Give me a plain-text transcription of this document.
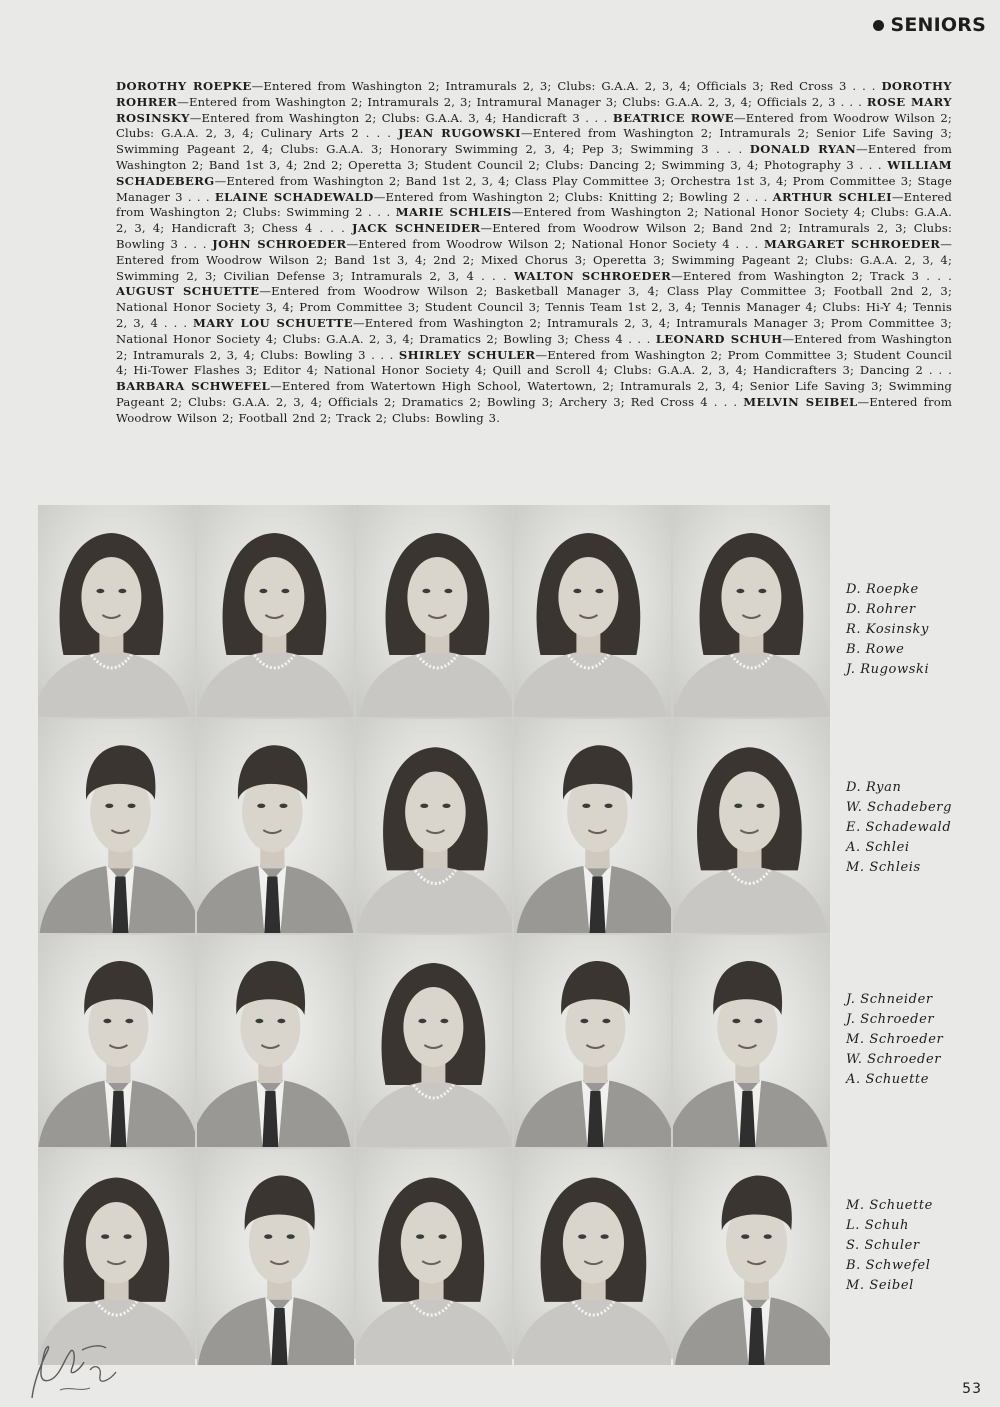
SENIORS
DOROTHY ROEPKE—Entered from Washington 2; Intramurals 2, 3; Clubs: G.A.A. 2, 3, 4; Officials 3; Red Cross 3 . . . DOROTHY ROHRER—Entered from Washington 2; Intramurals 2, 3; Intramural Manager 3; Clubs: G.A.A. 2, 3, 4; Officials 2, 3 . . . ROSE MARY ROSINSKY—Entered from Washington 2; Clubs: G.A.A. 3, 4; Handicraft 3 . . . BEATRICE ROWE—Entered from Woodrow Wilson 2; Clubs: G.A.A. 2, 3, 4; Culinary Arts 2 . . . JEAN RUGOWSKI—Entered from Washington 2; Intramurals 2; Senior Life Saving 3; Swimming Pageant 2, 4; Clubs: G.A.A. 3; Honorary Swimming 2, 3, 4; Pep 3; Swimming 3 . . . DONALD RYAN—Entered from Washington 2; Band 1st 3, 4; 2nd 2; Operetta 3; Student Council 2; Clubs: Dancing 2; Swimming 3, 4; Photography 3 . . . WILLIAM SCHADEBERG—Entered from Washington 2; Band 1st 2, 3, 4; Class Play Committee 3; Orchestra 1st 3, 4; Prom Committee 3; Stage Manager 3 . . . ELAINE SCHADEWALD—Entered from Washington 2; Clubs: Knitting 2; Bowling 2 . . . ARTHUR SCHLEI—Entered from Washington 2; Clubs: Swimming 2 . . . MARIE SCHLEIS—Entered from Washington 2; National Honor Society 4; Clubs: G.A.A. 2, 3, 4; Handicraft 3; Chess 4 . . . JACK SCHNEIDER—Entered from Woodrow Wilson 2; Band 2nd 2; Intramurals 2, 3; Clubs: Bowling 3 . . . JOHN SCHROEDER—Entered from Woodrow Wilson 2; National Honor Society 4 . . . MARGARET SCHROEDER—Entered from Woodrow Wilson 2; Band 1st 3, 4; 2nd 2; Mixed Chorus 3; Operetta 3; Swimming Pageant 2; Clubs: G.A.A. 2, 3, 4; Swimming 2, 3; Civilian Defense 3; Intramurals 2, 3, 4 . . . WALTON SCHROEDER—Entered from Washington 2; Track 3 . . . AUGUST SCHUETTE—Entered from Woodrow Wilson 2; Basketball Manager 3, 4; Class Play Committee 3; Football 2nd 2, 3; National Honor Society 3, 4; Prom Committee 3; Student Council 3; Tennis Team 1st 2, 3, 4; Tennis Manager 4; Clubs: Hi-Y 4; Tennis 2, 3, 4 . . . MARY LOU SCHUETTE—Entered from Washington 2; Intramurals 2, 3, 4; Intramurals Manager 3; Prom Committee 3; National Honor Society 4; Clubs: G.A.A. 2, 3, 4; Dramatics 2; Bowling 3; Chess 4 . . . LEONARD SCHUH—Entered from Washington 2; Intramurals 2, 3, 4; Clubs: Bowling 3 . . . SHIRLEY SCHULER—Entered from Washington 2; Prom Committee 3; Student Council 4; Hi-Tower Flashes 3; Editor 4; National Honor Society 4; Quill and Scroll 4; Clubs: G.A.A. 2, 3, 4; Handicrafters 3; Dancing 2 . . . BARBARA SCHWEFEL—Entered from Watertown High School, Watertown, 2; Intramurals 2, 3, 4; Senior Life Saving 3; Swimming Pageant 2; Clubs: G.A.A. 2, 3, 4; Officials 2; Dramatics 2; Bowling 3; Archery 3; Red Cross 4 . . . MELVIN SEIBEL—Entered from Woodrow Wilson 2; Football 2nd 2; Track 2; Clubs: Bowling 3.
D. Roepke
D. Rohrer
R. Kosinsky
B. Rowe
J. Rugowski
D. Ryan
W. Schadeberg
E. Schadewald
A. Schlei
M. Schleis
J. Schneider
J. Schroeder
M. Schroeder
W. Schroeder
A. Schuette
M. Schuette
L. Schuh
S. Schuler
B. Schwefel
M. Seibel
53
